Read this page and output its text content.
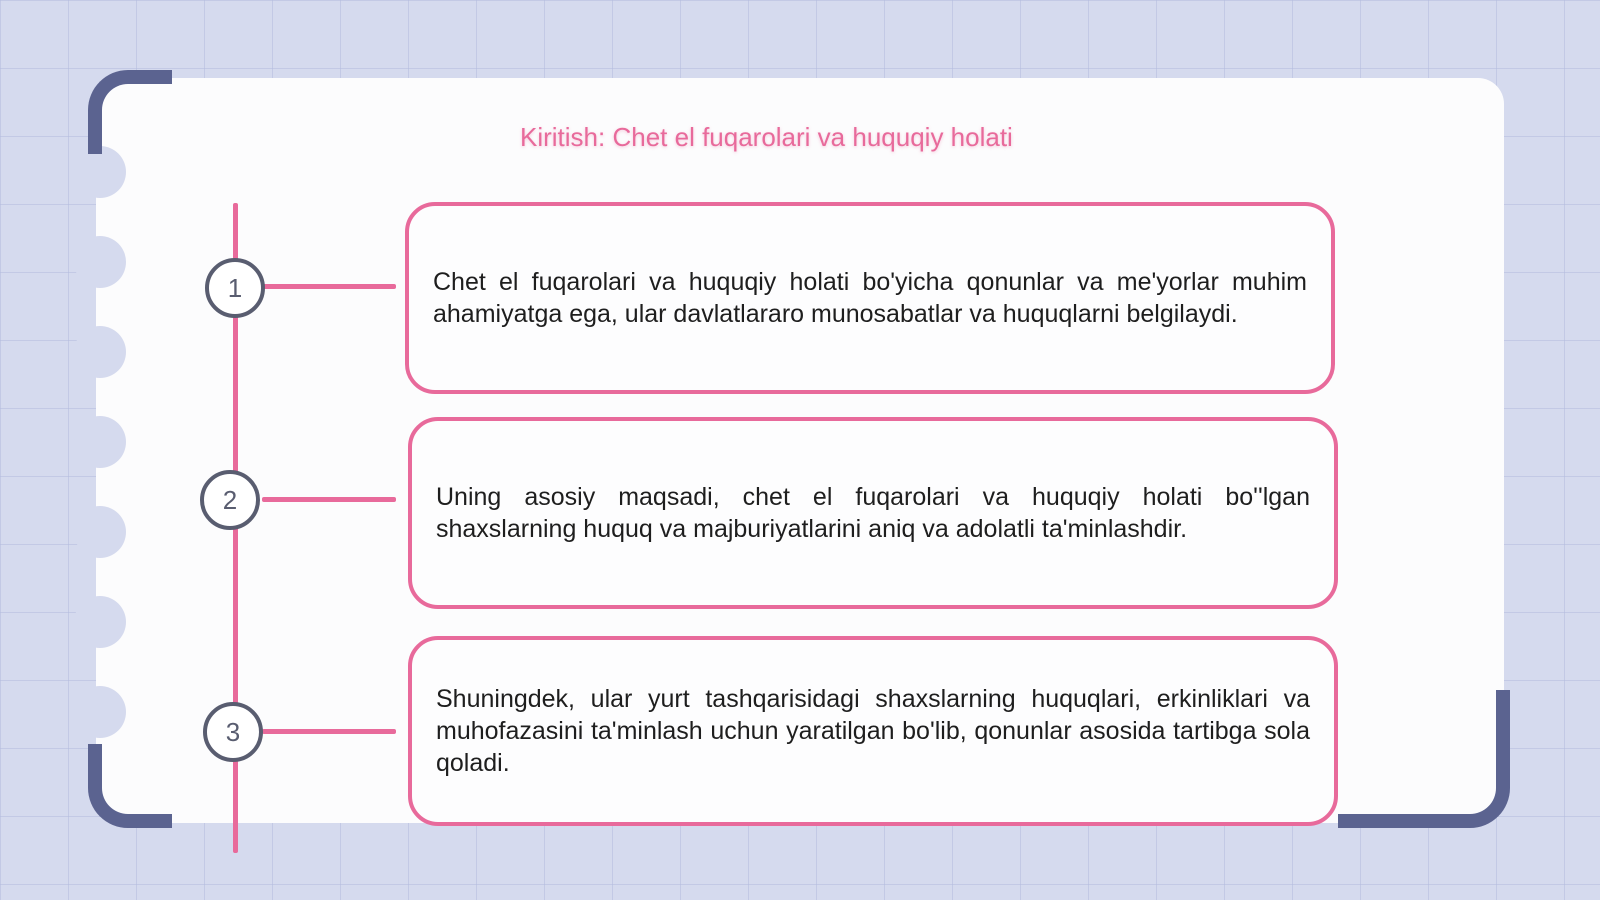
Kiritish: Chet el fuqarolari va huquqiy holati
1	Chet el fuqarolari va huquqiy holati bo'yicha qonunlar va me'yorlar muhim ahamiyatga ega, ular davlatlararo munosabatlar va huquqlarni belgilaydi.

2	Uning asosiy maqsadi, chet el fuqarolari va huquqiy holati bo''lgan shaxslarning huquq va majburiyatlarini aniq va adolatli ta'minlashdir.

3

Shuningdek, ular yurt tashqarisidagi shaxslarning huquqlari, erkinliklari va muhofazasini ta'minlash uchun yaratilgan bo'lib, qonunlar asosida tartibga sola qoladi.
